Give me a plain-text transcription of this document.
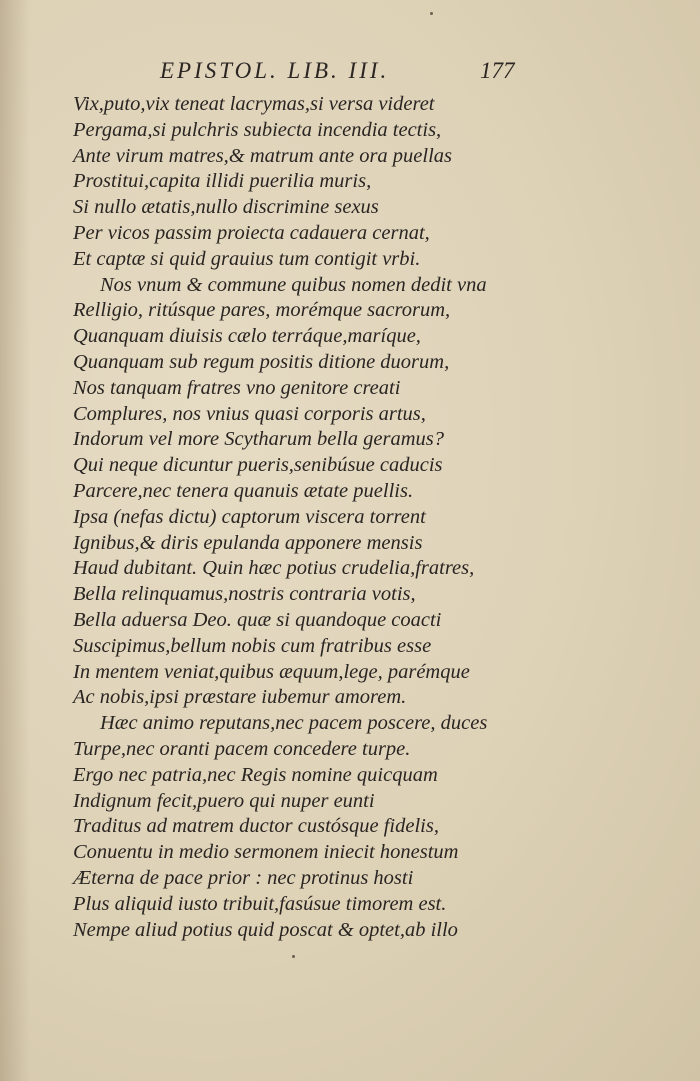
EPISTOL. LIB. III.	177
Vix,puto,vix teneat lacrymas,si versa videret
Pergama,si pulchris subiecta incendia tectis,
Ante virum matres,& matrum ante ora puellas
Prostitui,capita illidi puerilia muris,
Si nullo ætatis,nullo discrimine sexus
Per vicos passim proiecta cadauera cernat,
Et captæ si quid grauius tum contigit vrbi.
Nos vnum & commune quibus nomen dedit vna
Relligio, ritúsque pares, morémque sacrorum,
Quanquam diuisis cælo terráque,maríque,
Quanquam sub regum positis ditione duorum,
Nos tanquam fratres vno genitore creati
Complures, nos vnius quasi corporis artus,
Indorum vel more Scytharum bella geramus?
Qui neque dicuntur pueris,senibúsue caducis
Parcere,nec tenera quanuis ætate puellis.
Ipsa (nefas dictu) captorum viscera torrent
Ignibus,& diris epulanda apponere mensis
Haud dubitant. Quin hæc potius crudelia,fratres,
Bella relinquamus,nostris contraria votis,
Bella aduersa Deo. quæ si quandoque coacti
Suscipimus,bellum nobis cum fratribus esse
In mentem veniat,quibus æquum,lege, parémque
Ac nobis,ipsi præstare iubemur amorem.
Hæc animo reputans,nec pacem poscere, duces
Turpe,nec oranti pacem concedere turpe.
Ergo nec patria,nec Regis nomine quicquam
Indignum fecit,puero qui nuper eunti
Traditus ad matrem ductor custósque fidelis,
Conuentu in medio sermonem iniecit honestum
Æterna de pace prior : nec protinus hosti
Plus aliquid iusto tribuit,fasúsue timorem est.
Nempe aliud potius quid poscat & optet,ab illo
